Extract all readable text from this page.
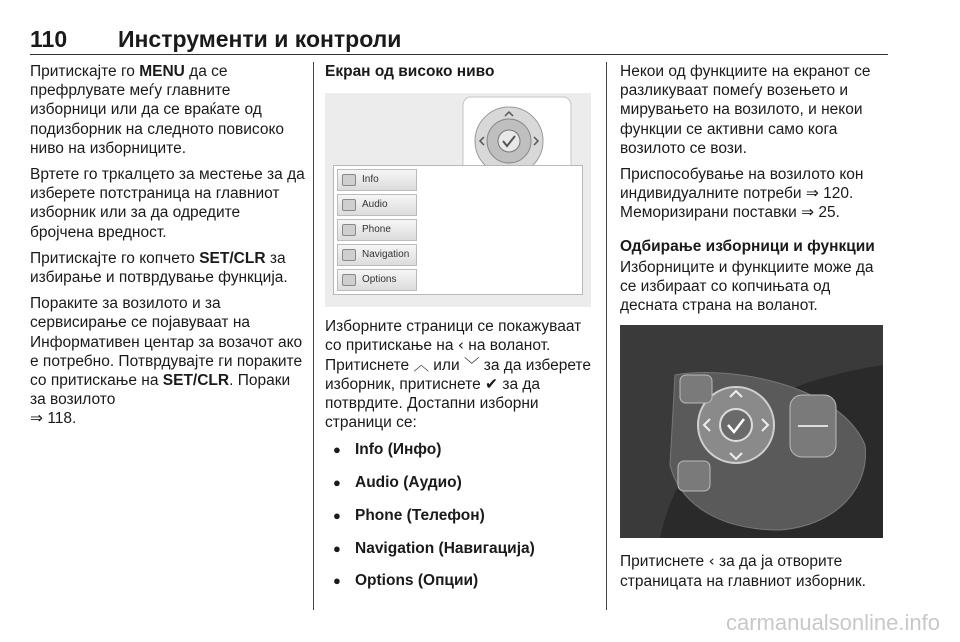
110 Инструменти и контроли

Притискајте го MENU да се префрлувате меѓу главните изборници или да се враќате од подизборник на следното повисоко ниво на изборниците.

Вртете го тркалцето за местење за да изберете потстраница на главниот изборник или за да одредите бројчена вредност.

Притискајте го копчето SET/CLR за избирање и потврдување функција.

Пораките за возилото и за сервисирање се појавуваат на Информативен центар за возачот ако е потребно. Потврдувајте ги пораките со притискање на SET/CLR. Пораки за возилото
⇒ 118.

Екран од високо ниво
Info
Audio
Phone
Navigation
Options

Изборните страници се покажуваат со притискање на ‹ на воланот. Притиснете ︿ или ﹀ за да изберете изборник, притиснете ✔ за да потврдите. Достапни изборни страници се:

● Info (Инфо)
● Audio (Аудио)
● Phone (Телефон)
● Navigation (Навигација)
● Options (Опции)

Некои од функциите на екранот се разликуваат помеѓу возењето и мирувањето на возилото, и некои функции се активни само кога возилото се вози.

Приспособување на возилото кон индивидуалните потреби ⇒ 120.
Меморизирани поставки ⇒ 25.

Одбирање изборници и функции

Изборниците и функциите може да се избираат со копчињата од десната страна на воланот.

Притиснете ‹ за да ја отворите страницата на главниот изборник.

carmanualsonline.info
